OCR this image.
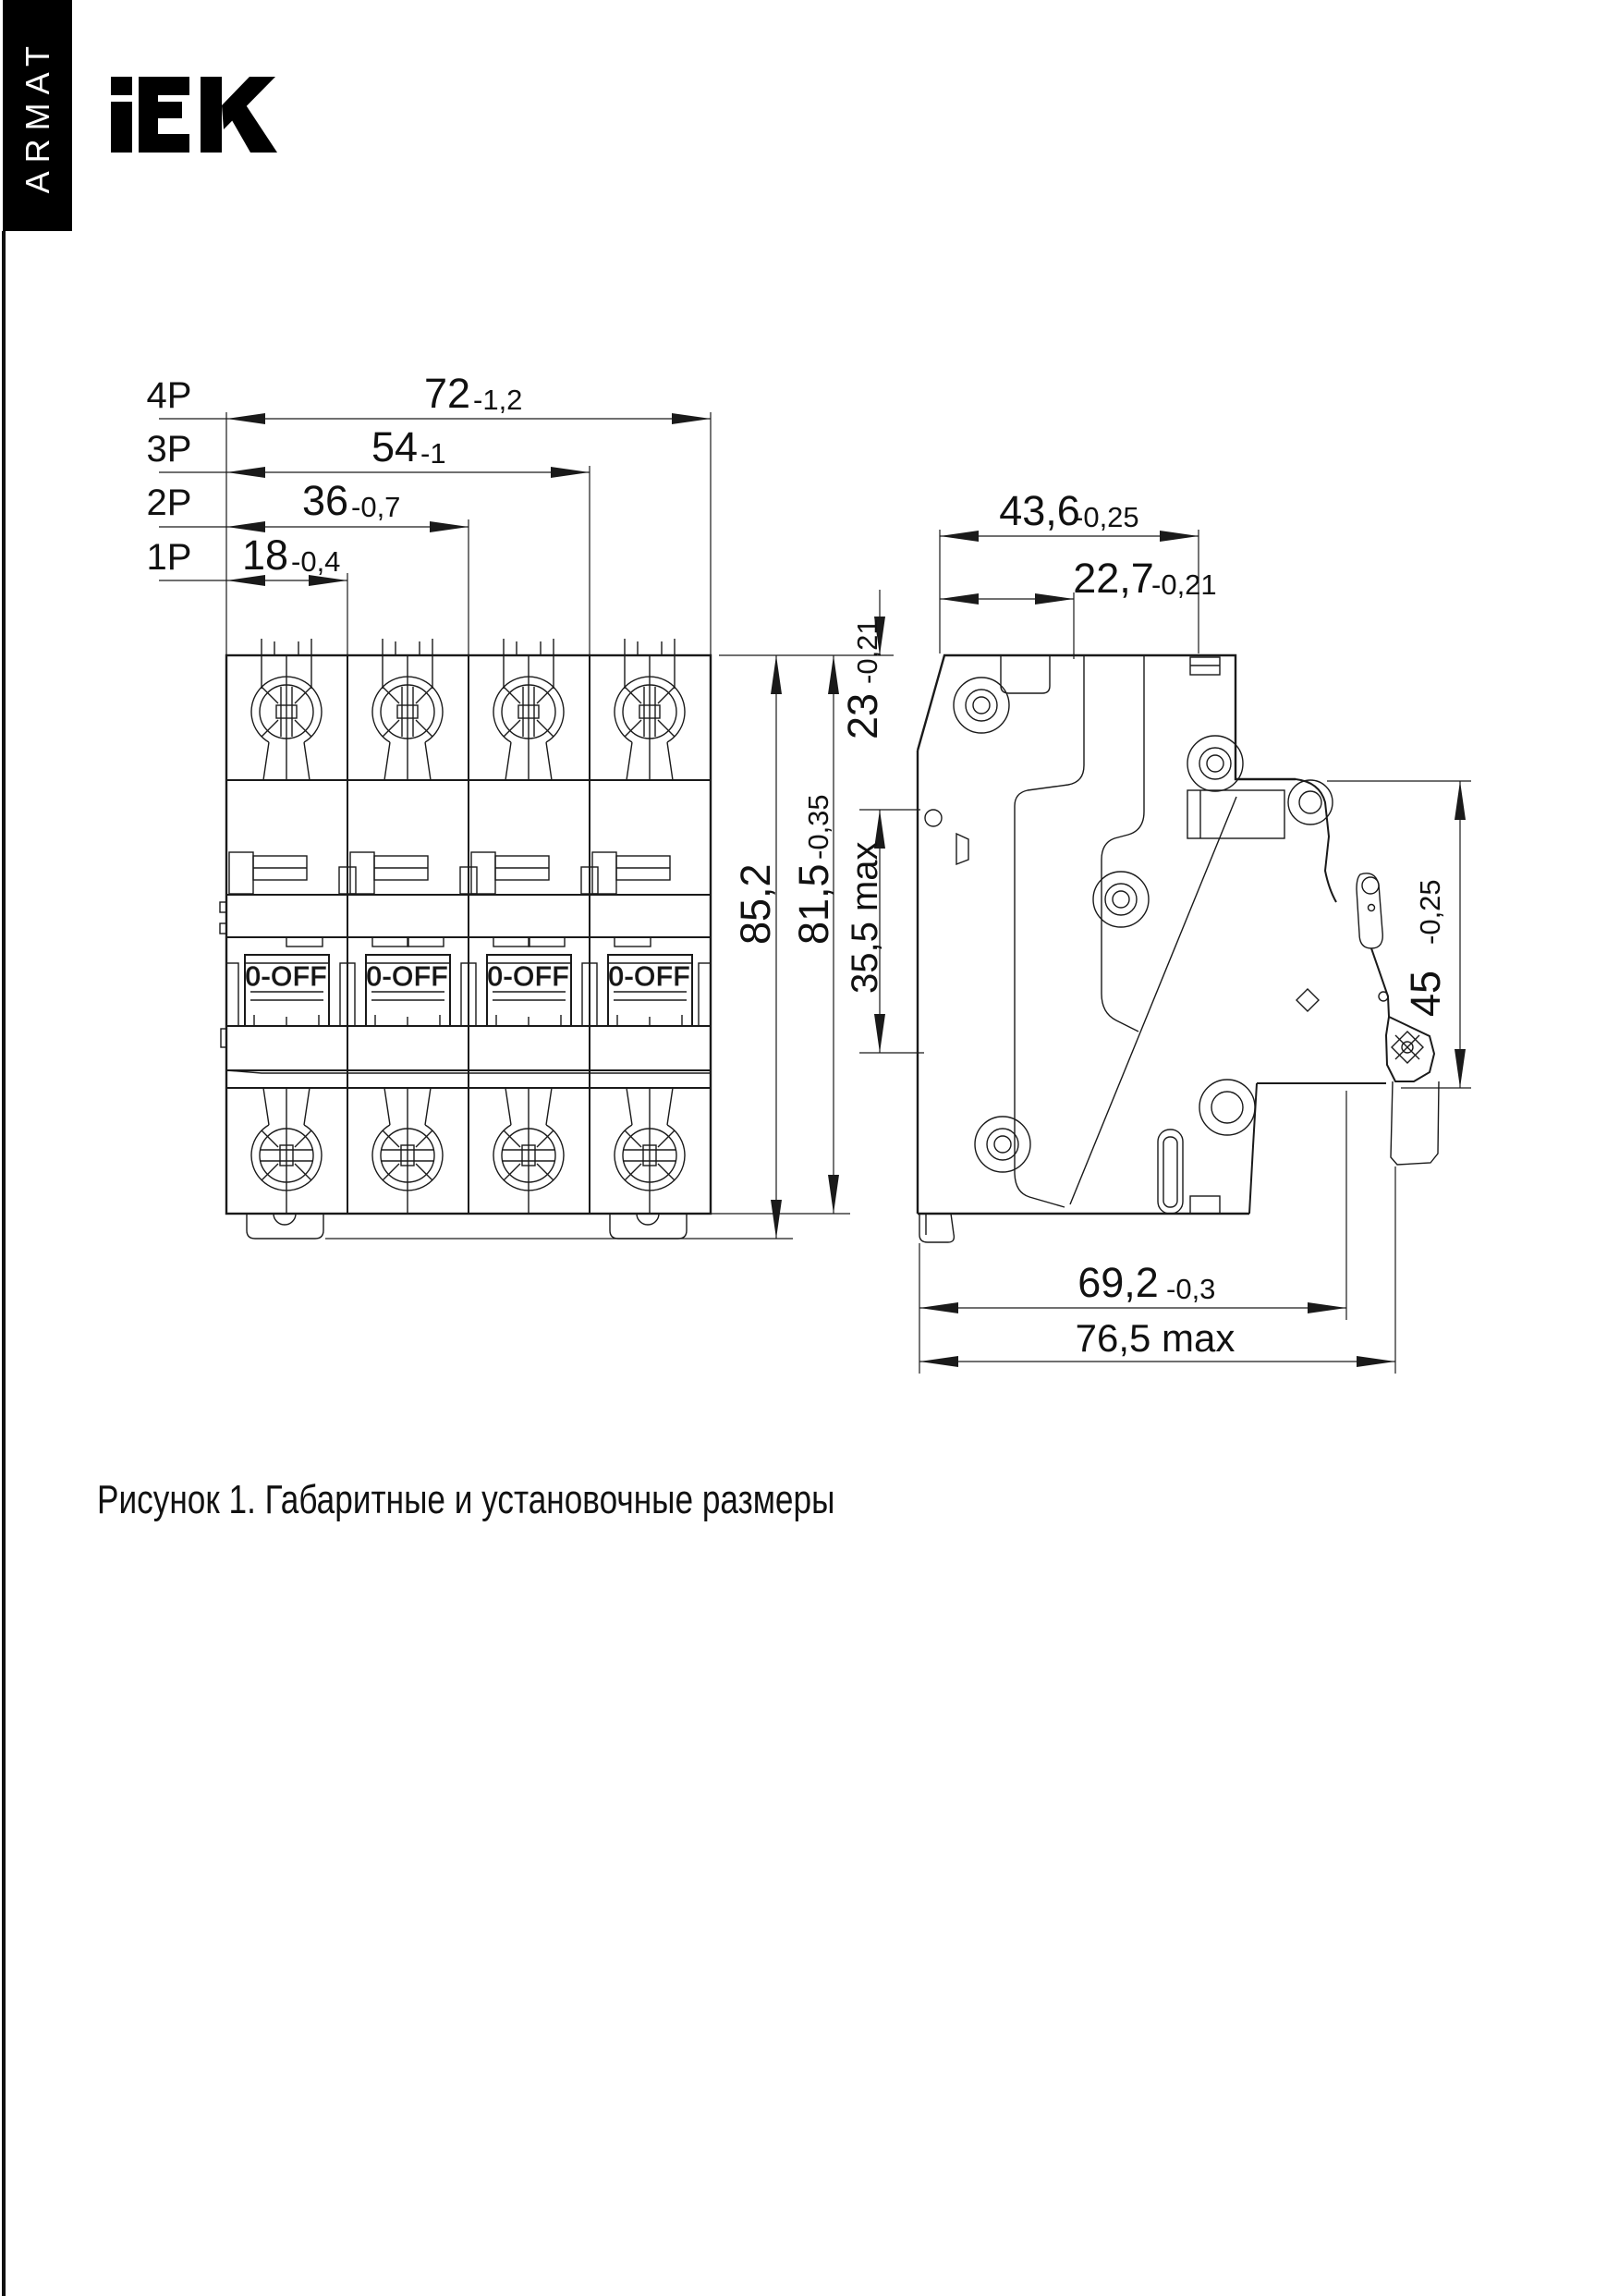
ARMAT
0-OFF 0-OFF 0-OFF 0-OFF
4P	72 -1,2
3P	54 -1
2P	36 -0,7
1P 18 -0,4
43,6
-0,25
22,7
-0,21
23
-0,21
35,5 max
85,2 81,5
-0,35
45
-0,25
69,2 -0,3
76,5 max
Рисунок 1. Габаритные и установочные размеры
